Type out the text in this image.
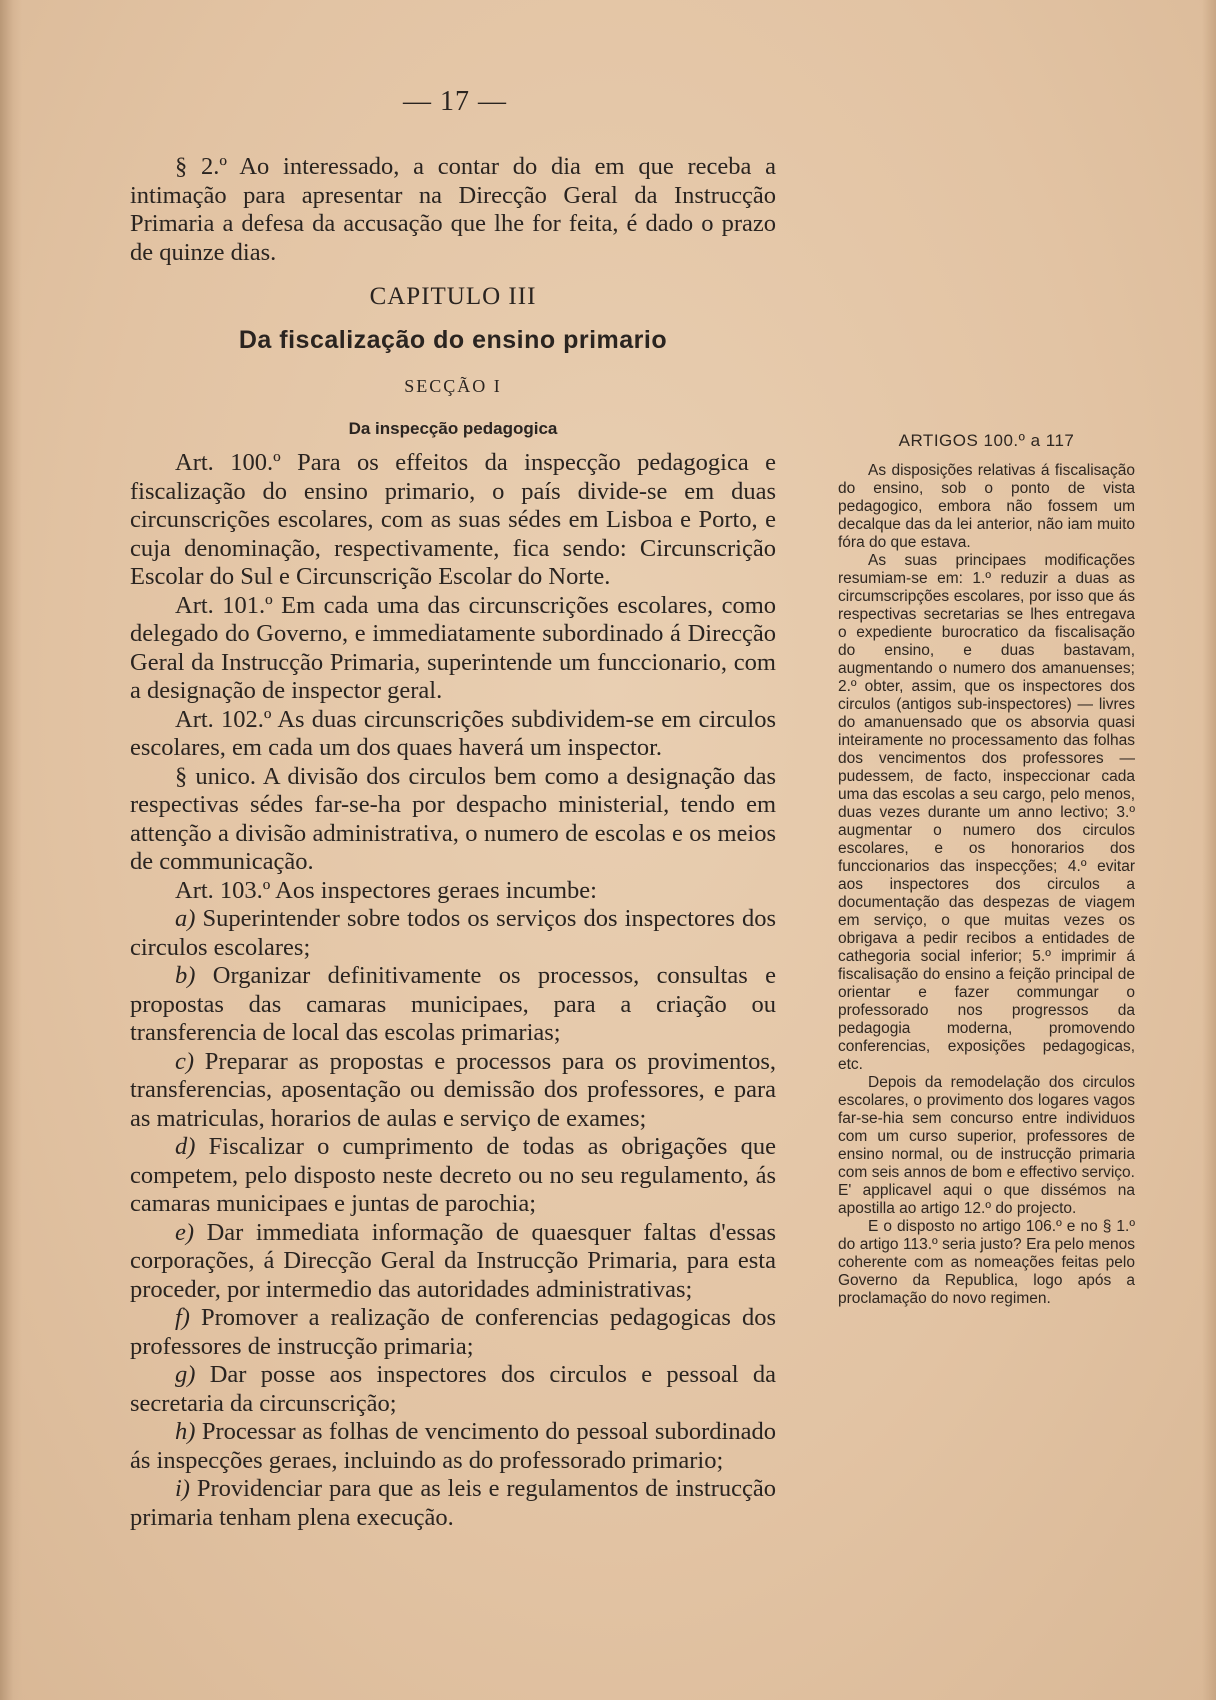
— 17 —

§ 2.º Ao interessado, a contar do dia em que receba a intimação para apresentar na Direcção Geral da Instrucção Primaria a defesa da accusação que lhe for feita, é dado o prazo de quinze dias.

CAPITULO III
Da fiscalização do ensino primario
SECÇÃO I
Da inspecção pedagogica

Art. 100.º Para os effeitos da inspecção pedagogica e fiscalização do ensino primario, o país divide-se em duas circunscrições escolares, com as suas sédes em Lisboa e Porto, e cuja denominação, respectivamente, fica sendo: Circunscrição Escolar do Sul e Circunscrição Escolar do Norte.

Art. 101.º Em cada uma das circunscrições escolares, como delegado do Governo, e immediatamente subordinado á Direcção Geral da Instrucção Primaria, superintende um funccionario, com a designação de inspector geral.

Art. 102.º As duas circunscrições subdividem-se em circulos escolares, em cada um dos quaes haverá um inspector.

§ unico. A divisão dos circulos bem como a designação das respectivas sédes far-se-ha por despacho ministerial, tendo em attenção a divisão administrativa, o numero de escolas e os meios de communicação.

Art. 103.º Aos inspectores geraes incumbe:

a) Superintender sobre todos os serviços dos inspectores dos circulos escolares;

b) Organizar definitivamente os processos, consultas e propostas das camaras municipaes, para a criação ou transferencia de local das escolas primarias;

c) Preparar as propostas e processos para os provimentos, transferencias, aposentação ou demissão dos professores, e para as matriculas, horarios de aulas e serviço de exames;

d) Fiscalizar o cumprimento de todas as obrigações que competem, pelo disposto neste decreto ou no seu regulamento, ás camaras municipaes e juntas de parochia;

e) Dar immediata informação de quaesquer faltas d'essas corporações, á Direcção Geral da Instrucção Primaria, para esta proceder, por intermedio das autoridades administrativas;

f) Promover a realização de conferencias pedagogicas dos professores de instrucção primaria;

g) Dar posse aos inspectores dos circulos e pessoal da secretaria da circunscrição;

h) Processar as folhas de vencimento do pessoal subordinado ás inspecções geraes, incluindo as do professorado primario;

i) Providenciar para que as leis e regulamentos de instrucção primaria tenham plena execução.

ARTIGOS 100.º a 117

As disposições relativas á fiscalisação do ensino, sob o ponto de vista pedagogico, embora não fossem um decalque das da lei anterior, não iam muito fóra do que estava.

As suas principaes modificações resumiam-se em: 1.º reduzir a duas as circumscripções escolares, por isso que ás respectivas secretarias se lhes entregava o expediente burocratico da fiscalisação do ensino, e duas bastavam, augmentando o numero dos amanuenses; 2.º obter, assim, que os inspectores dos circulos (antigos sub-inspectores) — livres do amanuensado que os absorvia quasi inteiramente no processamento das folhas dos vencimentos dos professores — pudessem, de facto, inspeccionar cada uma das escolas a seu cargo, pelo menos, duas vezes durante um anno lectivo; 3.º augmentar o numero dos circulos escolares, e os honorarios dos funccionarios das inspecções; 4.º evitar aos inspectores dos circulos a documentação das despezas de viagem em serviço, o que muitas vezes os obrigava a pedir recibos a entidades de cathegoria social inferior; 5.º imprimir á fiscalisação do ensino a feição principal de orientar e fazer commungar o professorado nos progressos da pedagogia moderna, promovendo conferencias, exposições pedagogicas, etc.

Depois da remodelação dos circulos escolares, o provimento dos logares vagos far-se-hia sem concurso entre individuos com um curso superior, professores de ensino normal, ou de instrucção primaria com seis annos de bom e effectivo serviço. E' applicavel aqui o que dissémos na apostilla ao artigo 12.º do projecto.

E o disposto no artigo 106.º e no § 1.º do artigo 113.º seria justo? Era pelo menos coherente com as nomeações feitas pelo Governo da Republica, logo após a proclamação do novo regimen.
